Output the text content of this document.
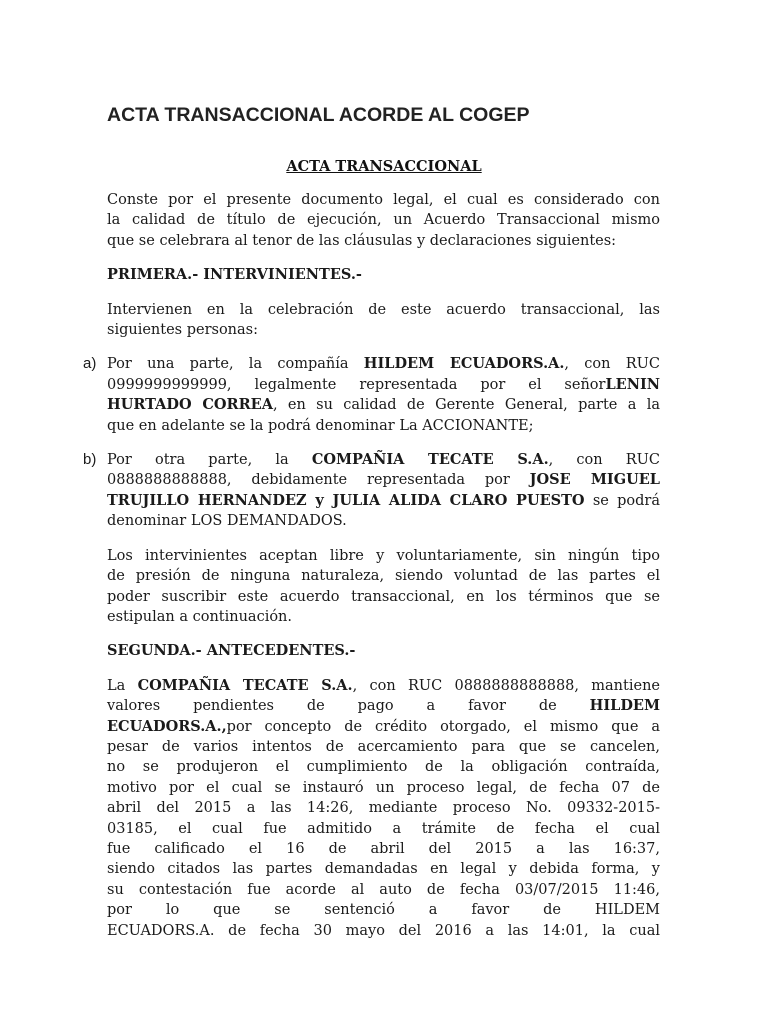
ACTA TRANSACCIONAL ACORDE AL COGEP
ACTA TRANSACCIONAL
Conste por el presente documento legal, el cual es considerado con
la calidad de título de ejecución, un Acuerdo Transaccional mismo
que se celebrara al tenor de las cláusulas y declaraciones siguientes:
PRIMERA.- INTERVINIENTES.-
Intervienen en la celebración de este acuerdo transaccional, las
siguientes personas:
a) Por una parte, la compañía HILDEM ECUADORS.A., con RUC
0999999999999, legalmente representada por el señorLENIN
HURTADO CORREA, en su calidad de Gerente General, parte a la
que en adelante se la podrá denominar La ACCIONANTE;
b) Por otra parte, la COMPAÑIA TECATE S.A., con RUC
0888888888888, debidamente representada por JOSE MIGUEL
TRUJILLO HERNANDEZ y JULIA ALIDA CLARO PUESTO se podrá
denominar LOS DEMANDADOS.
Los intervinientes aceptan libre y voluntariamente, sin ningún tipo
de presión de ninguna naturaleza, siendo voluntad de las partes el
poder suscribir este acuerdo transaccional, en los términos que se
estipulan a continuación.
SEGUNDA.- ANTECEDENTES.-
La COMPAÑIA TECATE S.A., con RUC 0888888888888, mantiene
valores pendientes de pago a favor de HILDEM
ECUADORS.A.,por concepto de crédito otorgado, el mismo que a
pesar de varios intentos de acercamiento para que se cancelen,
no se produjeron el cumplimiento de la obligación contraída,
motivo por el cual se instauró un proceso legal, de fecha 07 de
abril del 2015 a las 14:26, mediante proceso No. 09332-2015-
03185, el cual fue admitido a trámite de fecha el cual
fue calificado el 16 de abril del 2015 a las 16:37,
siendo citados las partes demandadas en legal y debida forma, y
su contestación fue acorde al auto de fecha 03/07/2015 11:46,
por lo que se sentenció a favor de HILDEM
ECUADORS.A. de fecha 30 mayo del 2016 a las 14:01, la cual
